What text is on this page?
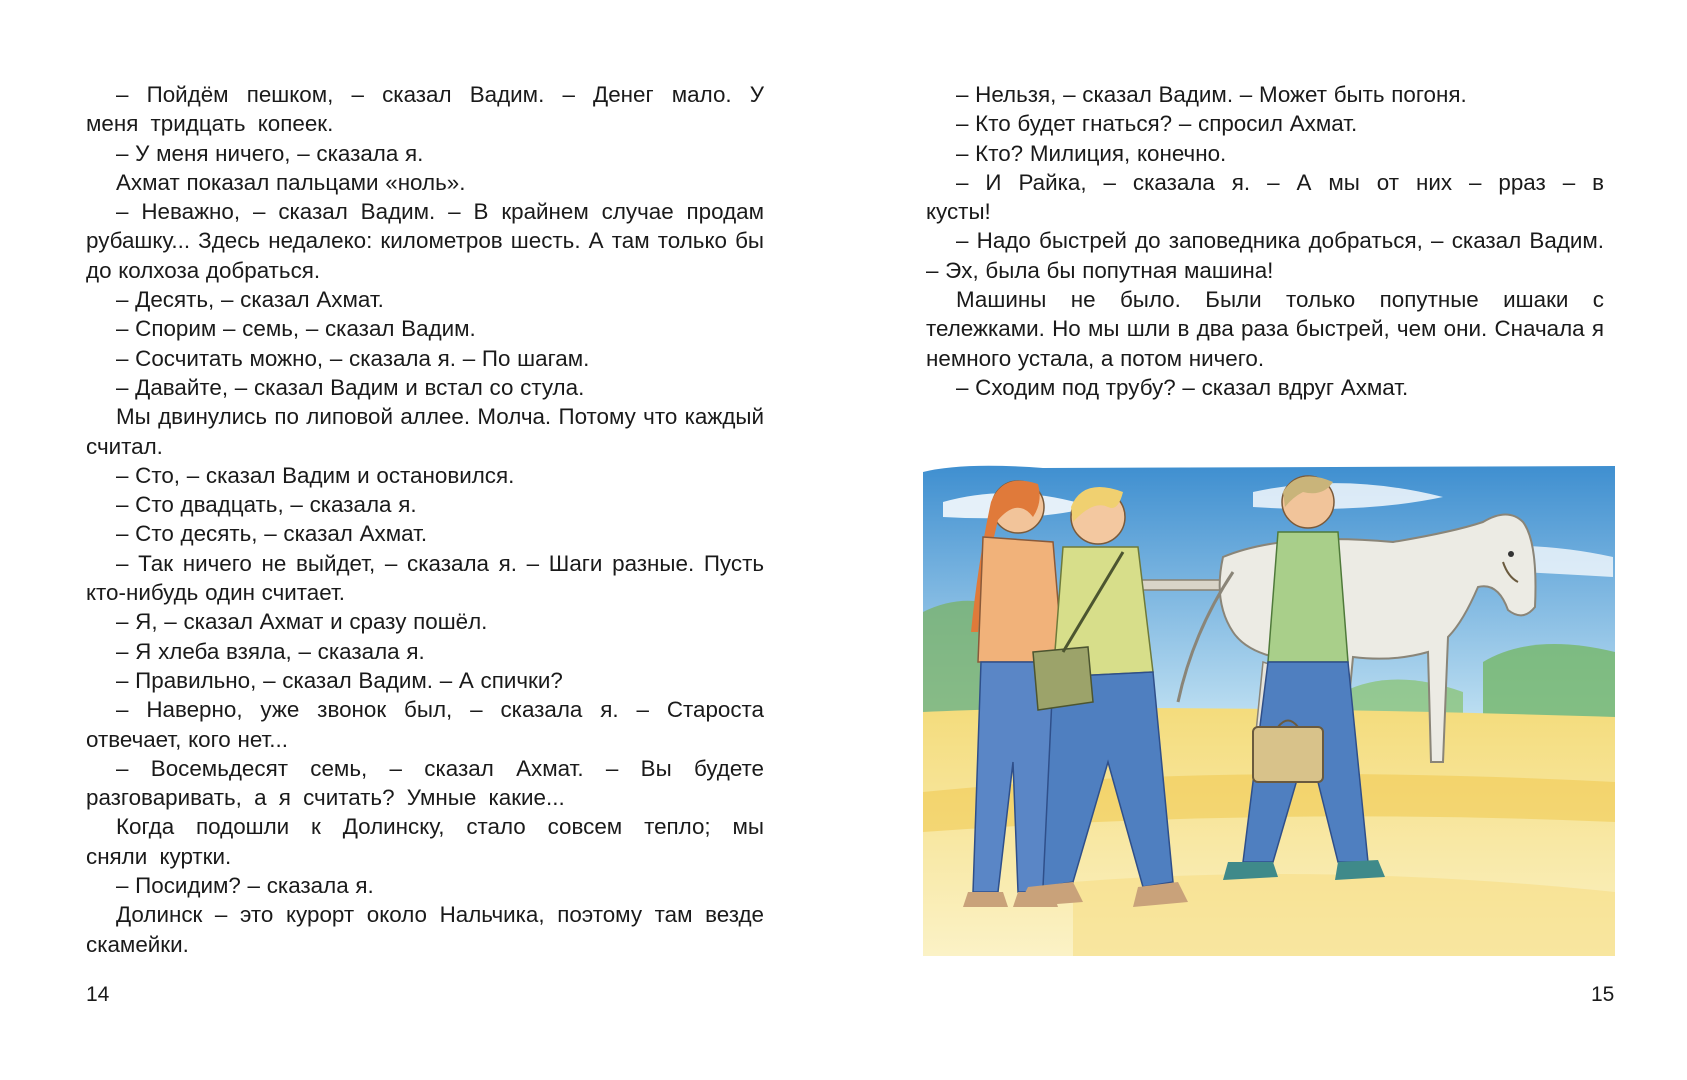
– Пойдём пешком, – сказал Вадим. – Денег мало. У меня тридцать копеек.

– У меня ничего, – сказала я.

Ахмат показал пальцами «ноль».

– Неважно, – сказал Вадим. – В крайнем случае продам рубашку... Здесь недалеко: километров шесть. А там только бы до колхоза добраться.

– Десять, – сказал Ахмат.

– Спорим – семь, – сказал Вадим.

– Сосчитать можно, – сказала я. – По шагам.

– Давайте, – сказал Вадим и встал со стула.

Мы двинулись по липовой аллее. Молча. Потому что каждый считал.

– Сто, – сказал Вадим и остановился.

– Сто двадцать, – сказала я.

– Сто десять, – сказал Ахмат.

– Так ничего не выйдет, – сказала я. – Шаги разные. Пусть кто-нибудь один считает.

– Я, – сказал Ахмат и сразу пошёл.

– Я хлеба взяла, – сказала я.

– Правильно, – сказал Вадим. – А спички?

– Наверно, уже звонок был, – сказала я. – Староста отвечает, кого нет...

– Восемьдесят семь, – сказал Ахмат. – Вы будете разговаривать, а я считать? Умные какие...

Когда подошли к Долинску, стало совсем тепло; мы сняли куртки.

– Посидим? – сказала я.

Долинск – это курорт около Нальчика, поэтому там везде скамейки.

14

– Нельзя, – сказал Вадим. – Может быть погоня.

– Кто будет гнаться? – спросил Ахмат.

– Кто? Милиция, конечно.

– И Райка, – сказала я. – А мы от них – рраз – в кусты!

– Надо быстрей до заповедника добраться, – сказал Вадим. – Эх, была бы попутная машина!

Машины не было. Были только попутные ишаки с тележками. Но мы шли в два раза быстрей, чем они. Сначала я немного устала, а потом ничего.

– Сходим под трубу? – сказал вдруг Ахмат.

15
